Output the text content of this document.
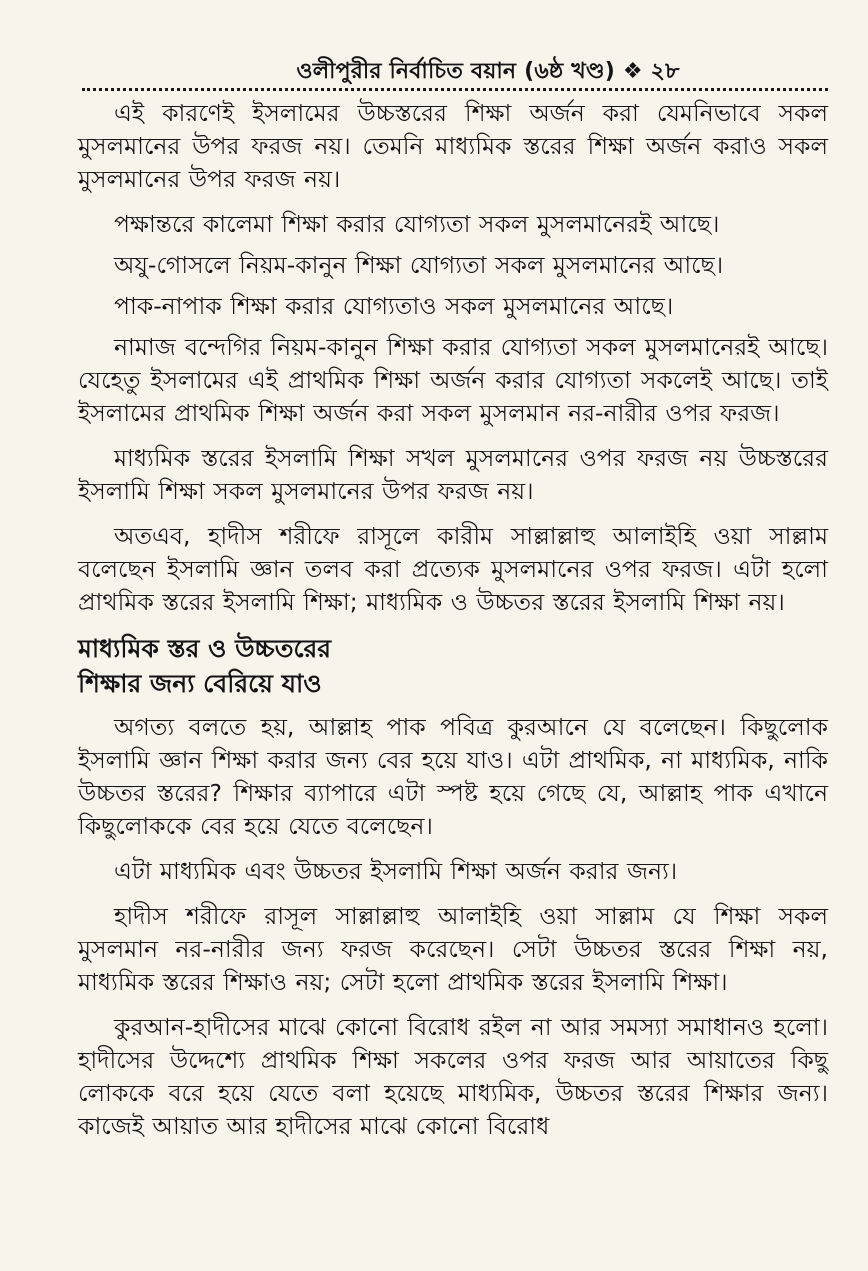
ওলীপুরীর নির্বাচিত বয়ান (৬ষ্ঠ খণ্ড) ❖ ২৮

এই কারণেই ইসলামের উচ্চস্তরের শিক্ষা অর্জন করা যেমনিভাবে সকল মুসলমানের উপর ফরজ নয়। তেমনি মাধ্যমিক স্তরের শিক্ষা অর্জন করাও সকল মুসলমানের উপর ফরজ নয়।

পক্ষান্তরে কালেমা শিক্ষা করার যোগ্যতা সকল মুসলমানেরই আছে।

অযু-গোসলে নিয়ম-কানুন শিক্ষা যোগ্যতা সকল মুসলমানের আছে।

পাক-নাপাক শিক্ষা করার যোগ্যতাও সকল মুসলমানের আছে।

নামাজ বন্দেগির নিয়ম-কানুন শিক্ষা করার যোগ্যতা সকল মুসলমানেরই আছে। যেহেতু ইসলামের এই প্রাথমিক শিক্ষা অর্জন করার যোগ্যতা সকলেই আছে। তাই ইসলামের প্রাথমিক শিক্ষা অর্জন করা সকল মুসলমান নর-নারীর ওপর ফরজ।

মাধ্যমিক স্তরের ইসলামি শিক্ষা সখল মুসলমানের ওপর ফরজ নয় উচ্চস্তরের ইসলামি শিক্ষা সকল মুসলমানের উপর ফরজ নয়।

অতএব, হাদীস শরীফে রাসূলে কারীম সাল্লাল্লাহু আলাইহি ওয়া সাল্লাম বলেছেন ইসলামি জ্ঞান তলব করা প্রত্যেক মুসলমানের ওপর ফরজ। এটা হলো প্রাথমিক স্তরের ইসলামি শিক্ষা; মাধ্যমিক ও উচ্চতর স্তরের ইসলামি শিক্ষা নয়।

মাধ্যমিক স্তর ও উচ্চতরের
শিক্ষার জন্য বেরিয়ে যাও

অগত্য বলতে হয়, আল্লাহ পাক পবিত্র কুরআনে যে বলেছেন। কিছুলোক ইসলামি জ্ঞান শিক্ষা করার জন্য বের হয়ে যাও। এটা প্রাথমিক, না মাধ্যমিক, নাকি উচ্চতর স্তরের? শিক্ষার ব্যাপারে এটা স্পষ্ট হয়ে গেছে যে, আল্লাহ পাক এখানে কিছুলোককে বের হয়ে যেতে বলেছেন।

এটা মাধ্যমিক এবং উচ্চতর ইসলামি শিক্ষা অর্জন করার জন্য।

হাদীস শরীফে রাসূল সাল্লাল্লাহু আলাইহি ওয়া সাল্লাম যে শিক্ষা সকল মুসলমান নর-নারীর জন্য ফরজ করেছেন। সেটা উচ্চতর স্তরের শিক্ষা নয়, মাধ্যমিক স্তরের শিক্ষাও নয়; সেটা হলো প্রাথমিক স্তরের ইসলামি শিক্ষা।

কুরআন-হাদীসের মাঝে কোনো বিরোধ রইল না আর সমস্যা সমাধানও হলো। হাদীসের উদ্দেশ্যে প্রাথমিক শিক্ষা সকলের ওপর ফরজ আর আয়াতের কিছু লোককে বরে হয়ে যেতে বলা হয়েছে মাধ্যমিক, উচ্চতর স্তরের শিক্ষার জন্য। কাজেই আয়াত আর হাদীসের মাঝে কোনো বিরোধ
